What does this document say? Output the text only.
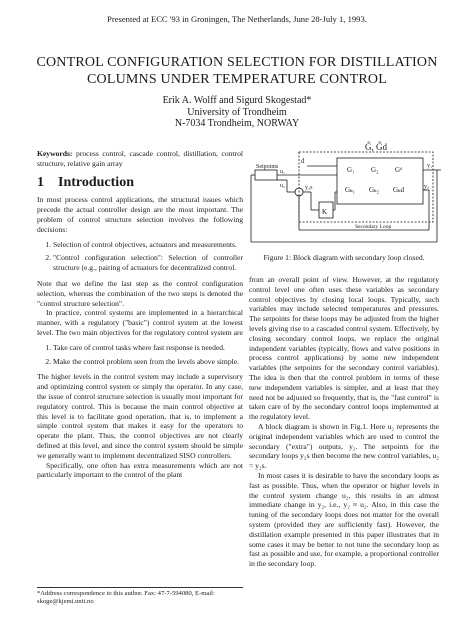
Presented at ECC '93 in Groningen, The Netherlands, June 28-July 1, 1993.
CONTROL CONFIGURATION SELECTION FOR DISTILLATION
COLUMNS UNDER TEMPERATURE CONTROL
Erik A. Wolff and Sigurd Skogestad*
University of Trondheim
N-7034 Trondheim, NORWAY

Keywords: process control, cascade control, distillation, control structure, relative gain array

1 Introduction

In most process control applications, the structural issues which precede the actual controller design are the most important. The problem of control structure selection involves the following decisions:

1. Selection of control objectives, actuators and measurements.
2. "Control configuration selection": Selection of controller structure (e.g., pairing of actuators for decentralized control.

Note that we define the last step as the control configuration selection, whereas the combination of the two steps is denoted the "control structure selection".

In practice, control systems are implemented in a hierarchical manner, with a regulatory ("basic") control system at the lowest level. The two main objectives for the regulatory control system are

1. Take care of control tasks where fast response is needed.
2. Make the control problem seen from the levels above simple.

The higher levels in the control system may include a supervisory and optimizing control system or simply the operator. In any case, the issue of control structure selection is usually most important for regulatory control. This is because the main control objective at this level is to facilitate good operation, that is, to implement a simple control system that makes it easy for the operators to operate the plant. Thus, the control objectives are not clearly defined at this level, and since the control system should be simple we generally want to implement decentralized SISO controllers.

Specifically, one often has extra measurements which are not particularly important to the control of the plant

*Address correspondence to this author. Fax: 47-7-594080, E-mail: skoge@kjemi.unit.no
G̃, G̃d
d
Setpoints
u₁
u₂	y₂s
y₁
y₂
G₁ G₂ Gᵈ
Gₖ₁ Gₖ₂ Gₖd
K
Secondary Loop
Figure 1: Block diagram with secondary loop closed.

from an overall point of view. However, at the regulatory control level one often uses these variables as secondary control objectives by closing local loops. Typically, such variables may include selected temperatures and pressures. The setpoints for these loops may be adjusted from the higher levels giving rise to a cascaded control system. Effectively, by closing secondary control loops, we replace the original independent variables (typically, flows and valve positions in process control applications) by some new independent variables (the setpoints for the secondary control variables). The idea is then that the control problem in terms of these new independent variables is simpler, and at least that they need not be adjusted so frequently, that is, the "fast control" is taken care of by the secondary control loops implemented at the regulatory level.

A block diagram is shown in Fig.1. Here u₂ represents the original independent variables which are used to control the secondary ("extra") outputs, y₂. The setpoints for the secondary loops y₂s then become the new control variables, u₂ = y₂s.

In most cases it is desirable to have the secondary loops as fast as possible. Thus, when the operator or higher levels in the control system change u₂, this results in an almost immediate change in y₂, i.e., y₂ ≈ u₂. Also, in this case the tuning of the secondary loops does not matter for the overall system (provided they are sufficiently fast). However, the distillation example presented in this paper illustrates that in some cases it may be better to not tune the secondary loop as fast as possible and use, for example, a proportional controller in the secondary loop.
